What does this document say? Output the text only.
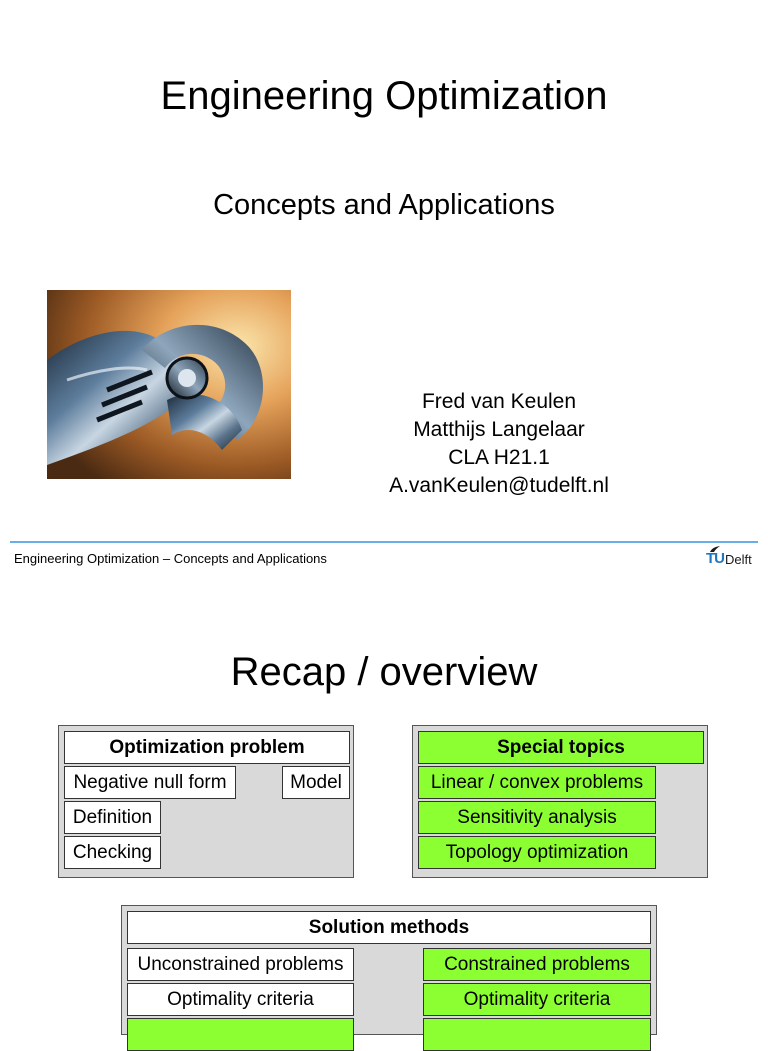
Engineering Optimization
Concepts and Applications
Fred van Keulen
Matthijs Langelaar
CLA H21.1
A.vanKeulen@tudelft.nl
Engineering Optimization – Concepts and Applications	TU Delft
Recap / overview
Optimization problem
Negative null form	Model
Definition
Checking
Special topics
Linear / convex problems
Sensitivity analysis
Topology optimization
Solution methods
Unconstrained problems
Optimality criteria
Constrained problems
Optimality criteria
